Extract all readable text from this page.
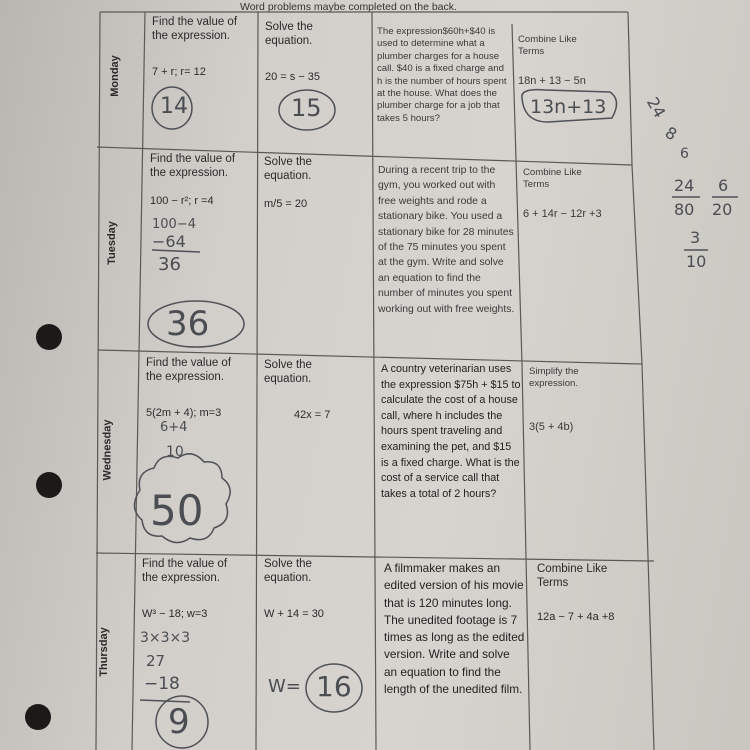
Word problems maybe completed on the back.
Monday
Tuesday
Wednesday
Thursday
Find the value of
the expression.
7 + r; r= 12
Solve the
equation.
20 = s − 35
The expression$60h+$40 is used to determine what a plumber charges for a house call. $40 is a fixed charge and h is the number of hours spent at the house. What does the plumber charge for a job that takes 5 hours?
Combine Like
Terms
18n + 13 − 5n
Find the value of
the expression.
100 − r²; r =4
Solve the
equation.
m/5 = 20
During a recent trip to the gym, you worked out with free weights and rode a stationary bike. You used a stationary bike for 28 minutes of the 75 minutes you spent at the gym. Write and solve an equation to find the number of minutes you spent working out with free weights.
Combine Like
Terms
6 + 14r − 12r +3
Find the value of
the expression.
5(2m + 4); m=3
Solve the
equation.
42x = 7
A country veterinarian uses the expression $75h + $15 to calculate the cost of a house call, where h includes the hours spent traveling and examining the pet, and $15 is a fixed charge. What is the cost of a service call that takes a total of 2 hours?
Simplify the
expression.
3(5 + 4b)
Find the value of
the expression.
W³ − 18; w=3
Solve the
equation.
W + 14 = 30
A filmmaker makes an edited version of his movie that is 120 minutes long. The unedited footage is 7 times as long as the edited version. Write and solve an equation to find the length of the unedited film.
Combine Like
Terms
12a − 7 + 4a +8
14	15	13n+13
100−4
−64
36
36
6+4
10
50
3×3×3
27
−18
9
W= 16
24
8
6
24
80
6
20
3
10
